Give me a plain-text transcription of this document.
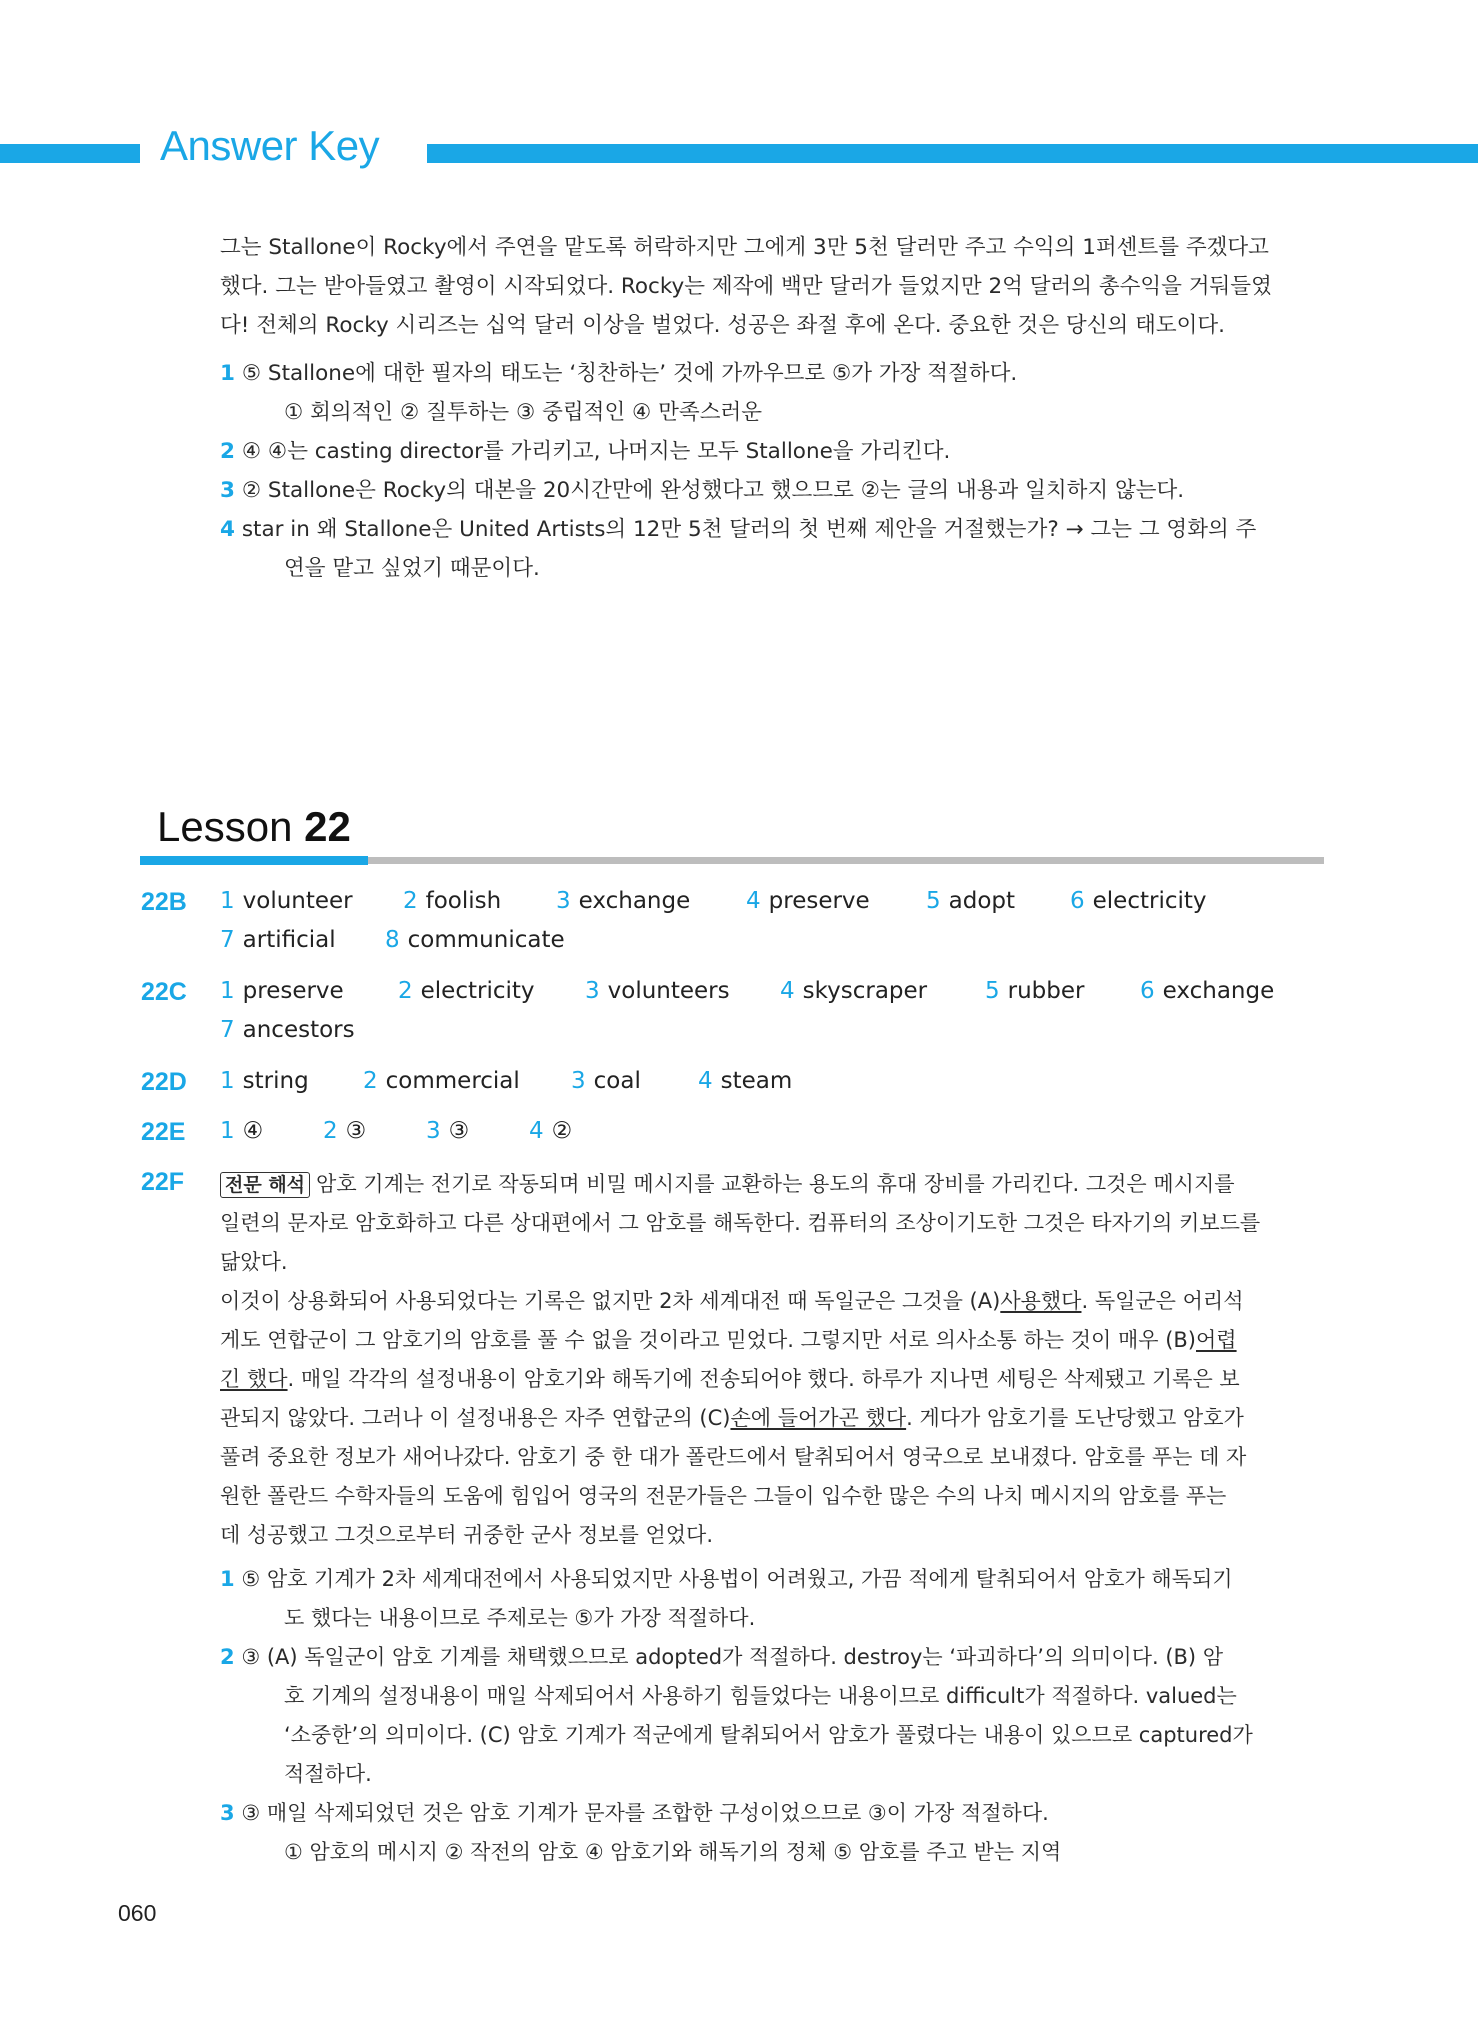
Answer Key
그는 Stallone이 Rocky에서 주연을 맡도록 허락하지만 그에게 3만 5천 달러만 주고 수익의 1퍼센트를 주겠다고
했다. 그는 받아들였고 촬영이 시작되었다. Rocky는 제작에 백만 달러가 들었지만 2억 달러의 총수익을 거둬들였
다! 전체의 Rocky 시리즈는 십억 달러 이상을 벌었다. 성공은 좌절 후에 온다. 중요한 것은 당신의 태도이다.
1 ⑤ Stallone에 대한 필자의 태도는 ‘칭찬하는’ 것에 가까우므로 ⑤가 가장 적절하다.
① 회의적인 ② 질투하는 ③ 중립적인 ④ 만족스러운
2 ④ ④는 casting director를 가리키고, 나머지는 모두 Stallone을 가리킨다.
3 ② Stallone은 Rocky의 대본을 20시간만에 완성했다고 했으므로 ②는 글의 내용과 일치하지 않는다.
4 star in 왜 Stallone은 United Artists의 12만 5천 달러의 첫 번째 제안을 거절했는가? → 그는 그 영화의 주
연을 맡고 싶었기 때문이다.
Lesson 22
22B 1 volunteer 2 foolish 3 exchange 4 preserve 5 adopt 6 electricity
7 artificial 8 communicate
22C 1 preserve 2 electricity 3 volunteers 4 skyscraper	5 rubber 6 exchange
7 ancestors
22D 1 string 2 commercial 3 coal 4 steam
22E 1 ④	2 ③	3 ③	4 ②
22F 전문 해석 암호 기계는 전기로 작동되며 비밀 메시지를 교환하는 용도의 휴대 장비를 가리킨다. 그것은 메시지를
일련의 문자로 암호화하고 다른 상대편에서 그 암호를 해독한다. 컴퓨터의 조상이기도한 그것은 타자기의 키보드를
닮았다.
이것이 상용화되어 사용되었다는 기록은 없지만 2차 세계대전 때 독일군은 그것을 (A)사용했다. 독일군은 어리석
게도 연합군이 그 암호기의 암호를 풀 수 없을 것이라고 믿었다. 그렇지만 서로 의사소통 하는 것이 매우 (B)어렵
긴 했다. 매일 각각의 설정내용이 암호기와 해독기에 전송되어야 했다. 하루가 지나면 세팅은 삭제됐고 기록은 보
관되지 않았다. 그러나 이 설정내용은 자주 연합군의 (C)손에 들어가곤 했다. 게다가 암호기를 도난당했고 암호가
풀려 중요한 정보가 새어나갔다. 암호기 중 한 대가 폴란드에서 탈취되어서 영국으로 보내졌다. 암호를 푸는 데 자
원한 폴란드 수학자들의 도움에 힘입어 영국의 전문가들은 그들이 입수한 많은 수의 나치 메시지의 암호를 푸는
데 성공했고 그것으로부터 귀중한 군사 정보를 얻었다.
1 ⑤ 암호 기계가 2차 세계대전에서 사용되었지만 사용법이 어려웠고, 가끔 적에게 탈취되어서 암호가 해독되기
도 했다는 내용이므로 주제로는 ⑤가 가장 적절하다.
2 ③ (A) 독일군이 암호 기계를 채택했으므로 adopted가 적절하다. destroy는 ‘파괴하다’의 의미이다. (B) 암
호 기계의 설정내용이 매일 삭제되어서 사용하기 힘들었다는 내용이므로 difficult가 적절하다. valued는
‘소중한’의 의미이다. (C) 암호 기계가 적군에게 탈취되어서 암호가 풀렸다는 내용이 있으므로 captured가
적절하다.
3 ③ 매일 삭제되었던 것은 암호 기계가 문자를 조합한 구성이었으므로 ③이 가장 적절하다.
① 암호의 메시지 ② 작전의 암호 ④ 암호기와 해독기의 정체 ⑤ 암호를 주고 받는 지역
060
